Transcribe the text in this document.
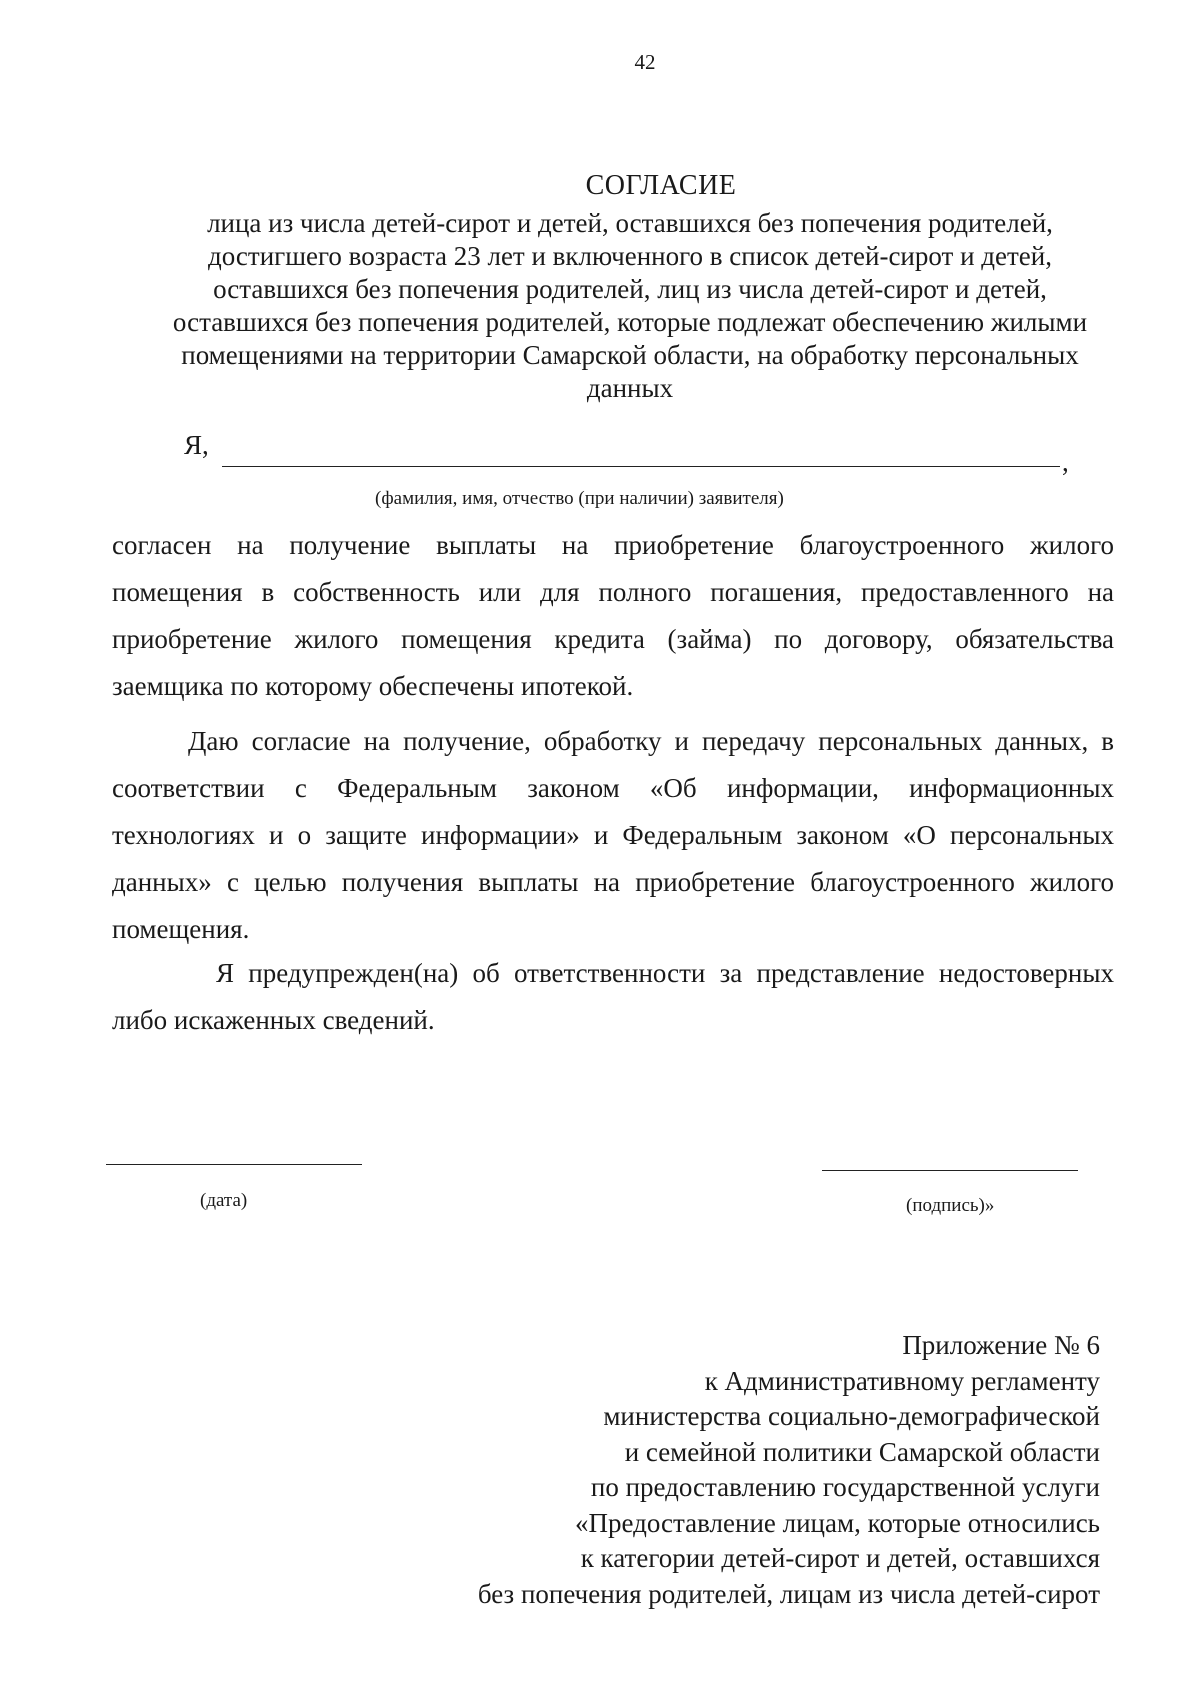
42
СОГЛАСИЕ
лица из числа детей-сирот и детей, оставшихся без попечения родителей,
достигшего возраста 23 лет и включенного в список детей-сирот и детей,
оставшихся без попечения родителей, лиц из числа детей-сирот и детей,
оставшихся без попечения родителей, которые подлежат обеспечению жилыми
помещениями на территории Самарской области, на обработку персональных
данных
Я,
,
(фамилия, имя, отчество (при наличии) заявителя)
согласен на получение выплаты на приобретение благоустроенного жилого помещения в собственность или для полного погашения, предоставленного на приобретение жилого помещения кредита (займа) по договору, обязательства заемщика по которому обеспечены ипотекой.
Даю согласие на получение, обработку и передачу персональных данных, в соответствии с Федеральным законом «Об информации, информационных технологиях и о защите информации» и Федеральным законом «О персональных данных» с целью получения выплаты на приобретение благоустроенного жилого помещения.
Я предупрежден(на) об ответственности за представление недостоверных либо искаженных сведений.
(дата)	(подпись)»
Приложение № 6
к Административному регламенту
министерства социально-демографической
и семейной политики Самарской области
по предоставлению государственной услуги
«Предоставление лицам, которые относились
к категории детей-сирот и детей, оставшихся
без попечения родителей, лицам из числа детей-сирот
